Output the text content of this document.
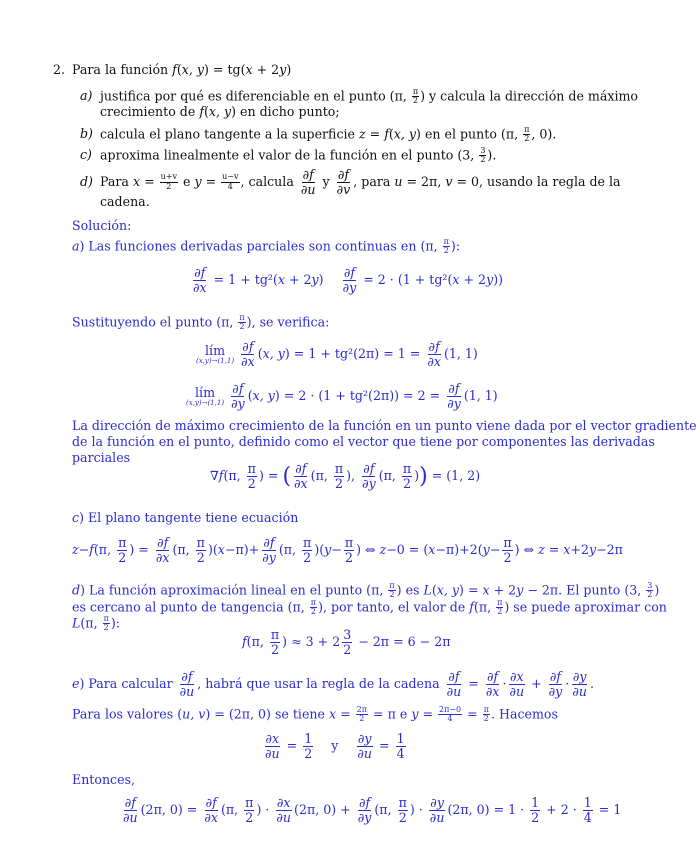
2. Para la función f(x, y) = tg(x + 2y)
a) justifica por qué es diferenciable en el punto (π, $\frac{\pi}{2}$ ) y calcula la dirección de máximo
crecimiento de f(x, y) en dicho punto;
b) calcula el plano tangente a la superficie z = f(x, y) en el punto (π, $\frac{\pi}{2}$ , 0).
c) aproxima linealmente el valor de la función en el punto (3, $\frac{3}{2}$ ).
d) Para $x = \frac{u+v}{2}$ e $y = \frac{u-v}{4}$ , calcula $\frac{\partial f}{\partial u}$ y $\frac{\partial f}{\partial v}$ , para u = 2π, v = 0, usando la regla de la
cadena.
Solución:
a) Las funciones derivadas parciales son continuas en (π, $\frac{\pi}{2}$ ):
$\frac{\partial f}{\partial x} = 1 + tg^2(x + 2y) \frac{\partial f}{\partial y} = 2 \cdot (1 + tg^2(x + 2y))$
Sustituyendo el punto (π, $\frac{\pi}{2}$ ), se verifica:
lím
(x,y)→(1,1)
$\frac{\partial f}{\partial x} (x$, $y) = 1 + tg^2(2\pi) = 1 = \frac{\partial f}{\partial x} (1$, 1)
lím
(x,y)→(1,1)
$\frac{\partial f}{\partial y} (x$, $y) = 2 \cdot (1 + tg^2(2\pi)) = 2 = \frac{\partial f}{\partial y} (1$, 1)
La dirección de máximo crecimiento de la función en un punto viene dada por el vector gradiente
de la función en el punto, definido como el vector que tiene por componentes las derivadas
parciales
∇f(π, $\frac{\pi}{2}$ ) = ( $\frac{\partial f}{\partial x} (\pi$, $\frac{\pi}{2}$ ), $\frac{\partial f}{\partial y} (\pi$, $\frac{\pi}{2}$ )) = (1, 2)
c) El plano tangente tiene ecuación
z−f(π, $\frac{\pi}{2}$ ) = $\frac{\partial f}{\partial x} (\pi$, $\frac{\pi}{2} )(x-\pi)+ \frac{\partial f}{\partial y} (\pi$, $\frac{\pi}{2} )(y- \frac{\pi}{2}$ ) ⇔ $z-0 = (x-\pi)+2(y- \frac{\pi}{2}$ ) ⇔ z = x+2y−2π
d) La función aproximación lineal en el punto (π, $\frac{\pi}{2}$ ) es L(x, y) = x + 2y − 2π. El punto (3, $\frac{3}{2}$ )
es cercano al punto de tangencia (π, $\frac{\pi}{2}$ ), por tanto, el valor de f(π, $\frac{\pi}{2}$ ) se puede aproximar con
L(π, $\frac{\pi}{2}$ ):
f(π, $\frac{\pi}{2}$ ) ≈ $3 + 2 \frac{3}{2} - 2\pi = 6 - 2\pi$
e) Para calcular $\frac{\partial f}{\partial u}$ , habrá que usar la regla de la cadena $\frac{\partial f}{\partial u} = \frac{\partial f}{\partial x} \cdot \frac{\partial x}{\partial u} + \frac{\partial f}{\partial y} \cdot \frac{\partial y}{\partial u}$ .
Para los valores (u, v) = (2π, 0) se tiene $x = \frac{2\pi}{2} = \pi$ e $y = \frac{2\pi-0}{4} = \frac{\pi}{2}$ . Hacemos
$\frac{\partial x}{\partial u} = \frac{1}{2}$ y $\frac{\partial y}{\partial u} = \frac{1}{4}$
Entonces,
$\frac{\partial f}{\partial u} (2\pi$, $0) = \frac{\partial f}{\partial x} (\pi$, $\frac{\pi}{2}$ ) · $\frac{\partial x}{\partial u} (2\pi$, $0) + \frac{\partial f}{\partial y} (\pi$, $\frac{\pi}{2}$ ) · $\frac{\partial y}{\partial u} (2\pi$, $0) = 1 \cdot \frac{1}{2} + 2 \cdot \frac{1}{4} = 1$
